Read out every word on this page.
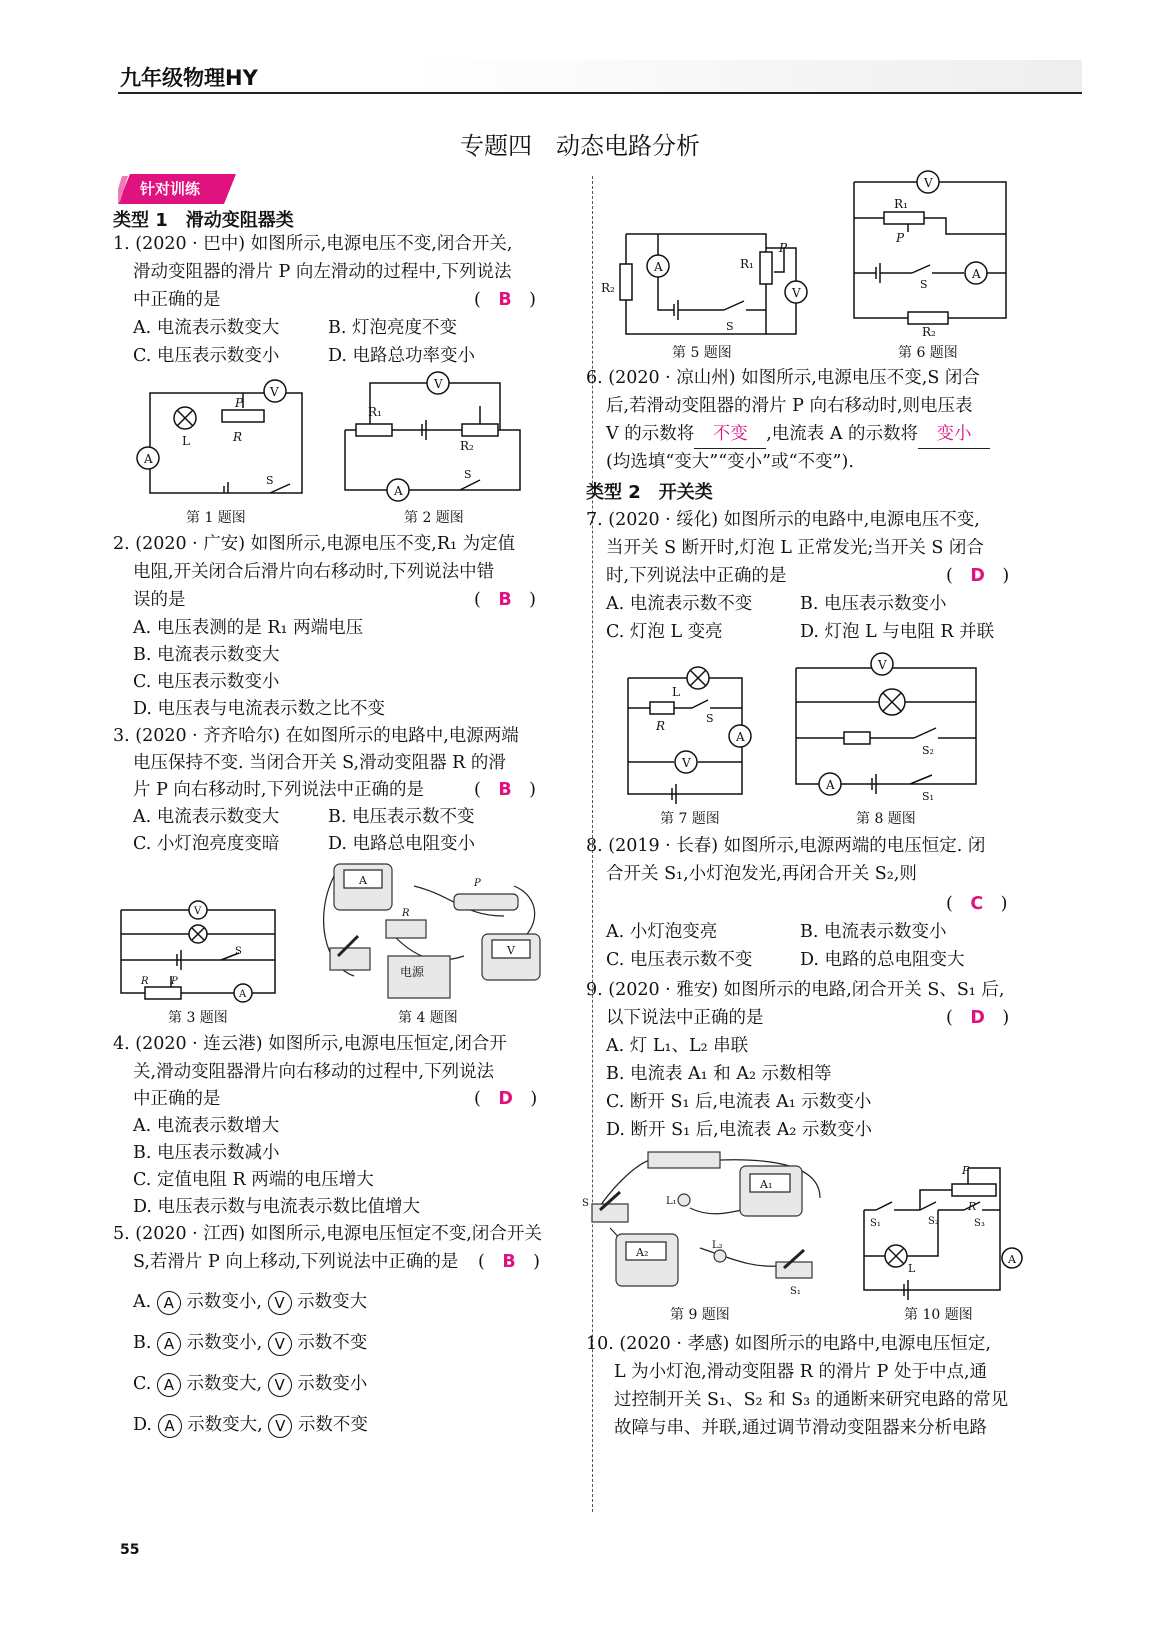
九年级物理HY
专题四　动态电路分析
针对训练
类型 1　滑动变阻器类
1. (2020 · 巴中) 如图所示,电源电压不变,闭合开关,
滑动变阻器的滑片 P 向左滑动的过程中,下列说法
中正确的是	(　B　)
A. 电流表示数变大	B. 灯泡亮度不变
C. 电压表示数变小	D. 电路总功率变小
A
V
L	R
P
S
第 1 题图
V
R₁
R₂
A
S
第 2 题图
2. (2020 · 广安) 如图所示,电源电压不变,R₁ 为定值
电阻,开关闭合后滑片向右移动时,下列说法中错
误的是	(　B　)
A. 电压表测的是 R₁ 两端电压
B. 电流表示数变大
C. 电压表示数变小
D. 电压表与电流表示数之比不变
3. (2020 · 齐齐哈尔) 在如图所示的电路中,电源两端
电压保持不变. 当闭合开关 S,滑动变阻器 R 的滑
片 P 向右移动时,下列说法中正确的是	(　B　)
A. 电流表示数变大	B. 电压表示数不变
C. 小灯泡亮度变暗	D. 电路总电阻变小
V
A
S
R P
第 3 题图
A	P
R
V
电源
第 4 题图
4. (2020 · 连云港) 如图所示,电源电压恒定,闭合开
关,滑动变阻器滑片向右移动的过程中,下列说法
中正确的是	(　D　)
A. 电流表示数增大
B. 电压表示数减小
C. 定值电阻 R 两端的电压增大
D. 电压表示数与电流表示数比值增大
5. (2020 · 江西) 如图所示,电源电压恒定不变,闭合开关
S,若滑片 P 向上移动,下列说法中正确的是 (　B　)
A. A 示数变小, V 示数变大
B. A 示数变小, V 示数不变
C. A 示数变大, V 示数变小
D. A 示数变大, V 示数不变
R₂
A	R₁
P
V
S
第 5 题图
V
R₁
P
A
S
R₂
第 6 题图
6. (2020 · 凉山州) 如图所示,电源电压不变,S 闭合
后,若滑动变阻器的滑片 P 向右移动时,则电压表
V 的示数将 不变 ,电流表 A 的示数将 变小
(均选填“变大”“变小”或“不变”).
类型 2　开关类
7. (2020 · 绥化) 如图所示的电路中,电源电压不变,
当开关 S 断开时,灯泡 L 正常发光;当开关 S 闭合
时,下列说法中正确的是	(　D　)
A. 电流表示数不变	B. 电压表示数变小
C. 灯泡 L 变亮	D. 灯泡 L 与电阻 R 并联
L
R
S
A
V
第 7 题图
V
S₂
A
S₁
第 8 题图
8. (2019 · 长春) 如图所示,电源两端的电压恒定. 闭
合开关 S₁,小灯泡发光,再闭合开关 S₂,则
(　C　)
A. 小灯泡变亮	B. 电流表示数变小
C. 电压表示数不变	D. 电路的总电阻变大
9. (2020 · 雅安) 如图所示的电路,闭合开关 S、S₁ 后,
以下说法中正确的是	(　D　)
A. 灯 L₁、L₂ 串联
B. 电流表 A₁ 和 A₂ 示数相等
C. 断开 S₁ 后,电流表 A₁ 示数变小
D. 断开 S₁ 后,电流表 A₂ 示数变小
A₁
A₂
S	L₁
L₂
S₁
第 9 题图
P
R
S₁	S₂	S₃
L
A
第 10 题图
10. (2020 · 孝感) 如图所示的电路中,电源电压恒定,
L 为小灯泡,滑动变阻器 R 的滑片 P 处于中点,通
过控制开关 S₁、S₂ 和 S₃ 的通断来研究电路的常见
故障与串、并联,通过调节滑动变阻器来分析电路
55
